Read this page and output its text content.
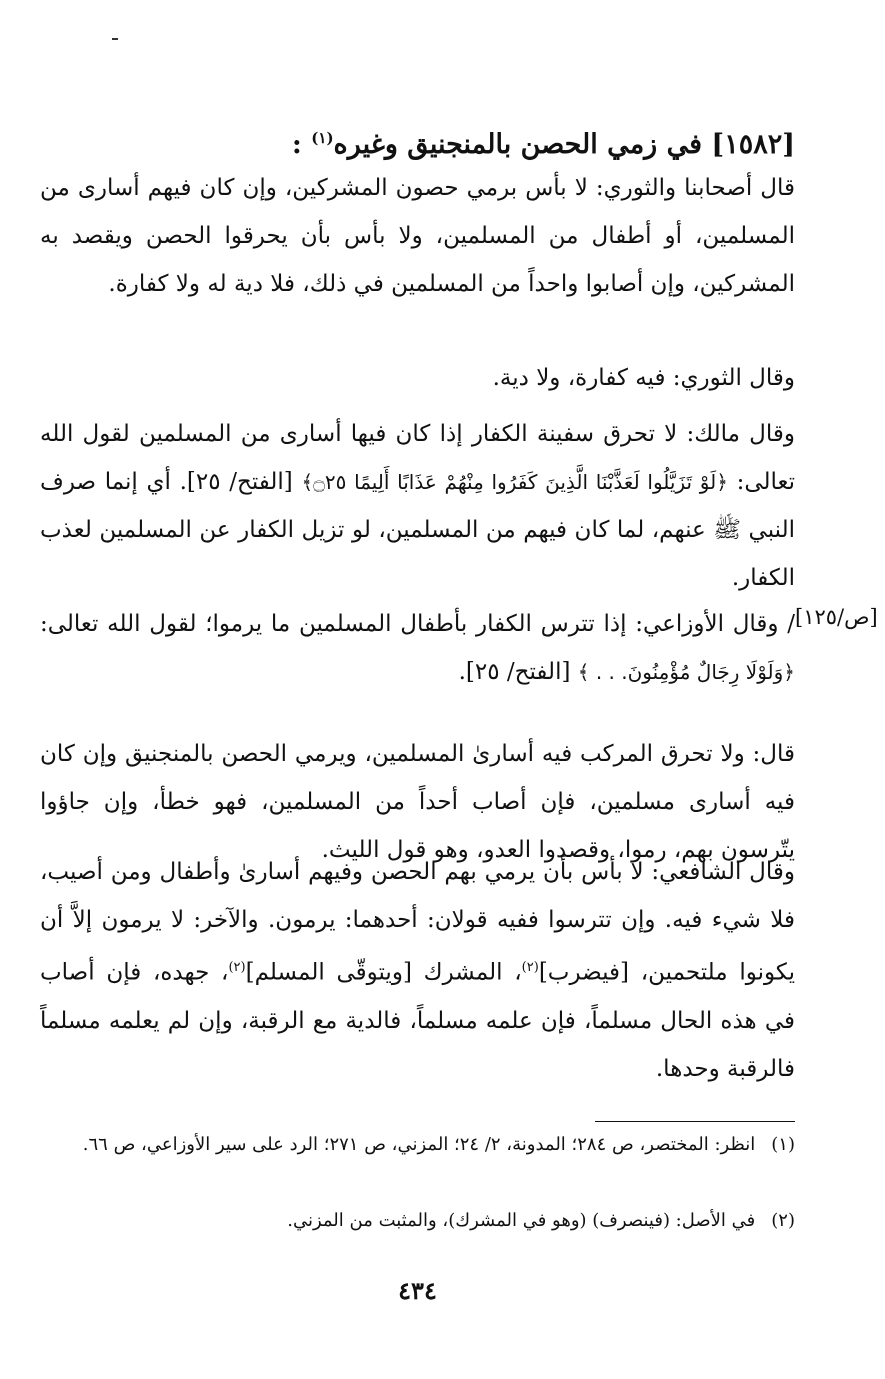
[ص/١٢٥]
[١٥٨٢] في زمي الحصن بالمنجنيق وغيره$^{(١)}$ :

قال أصحابنا والثوري: لا بأس برمي حصون المشركين، وإن كان فيهم أسارى من المسلمين، أو أطفال من المسلمين، ولا بأس بأن يحرقوا الحصن ويقصد به المشركين، وإن أصابوا واحداً من المسلمين في ذلك، فلا دية له ولا كفارة.

وقال الثوري: فيه كفارة، ولا دية.

وقال مالك: لا تحرق سفينة الكفار إذا كان فيها أسارى من المسلمين لقول الله تعالى: ﴿لَوْ تَزَيَّلُوا لَعَذَّبْنَا الَّذِينَ كَفَرُوا مِنْهُمْ عَذَابًا أَلِيمًا ۝٢٥﴾ [الفتح/ ٢٥]. أي إنما صرف النبي ﷺ عنهم، لما كان فيهم من المسلمين، لو تزيل الكفار عن المسلمين لعذب الكفار.

/ وقال الأوزاعي: إذا تترس الكفار بأطفال المسلمين ما يرموا؛ لقول الله تعالى: ﴿وَلَوْلَا رِجَالٌ مُؤْمِنُونَ. . . ﴾ [الفتح/ ٢٥].

قال: ولا تحرق المركب فيه أسارىٰ المسلمين، ويرمي الحصن بالمنجنيق وإن كان فيه أسارى مسلمين، فإن أصاب أحداً من المسلمين، فهو خطأ، وإن جاؤوا يتّرسون بهم، رموا، وقصدوا العدو، وهو قول الليث.

وقال الشافعي: لا بأس بأن يرمي بهم الحصن وفيهم أسارىٰ وأطفال ومن أصيب، فلا شيء فيه. وإن تترسوا ففيه قولان: أحدهما: يرمون. والآخر: لا يرمون إلاَّ أن يكونوا ملتحمين، [فيضرب]$^{(٢)}$، المشرك [ويتوقّى المسلم]$^{(٢)}$، جهده، فإن أصاب في هذه الحال مسلماً، فإن علمه مسلماً، فالدية مع الرقبة، وإن لم يعلمه مسلماً فالرقبة وحدها.

(١) انظر: المختصر، ص ٢٨٤؛ المدونة، ٢/ ٢٤؛ المزني، ص ٢٧١؛ الرد على سير الأوزاعي، ص ٦٦.

(٢) في الأصل: (فينصرف) (وهو في المشرك)، والمثبت من المزني.

٤٣٤
